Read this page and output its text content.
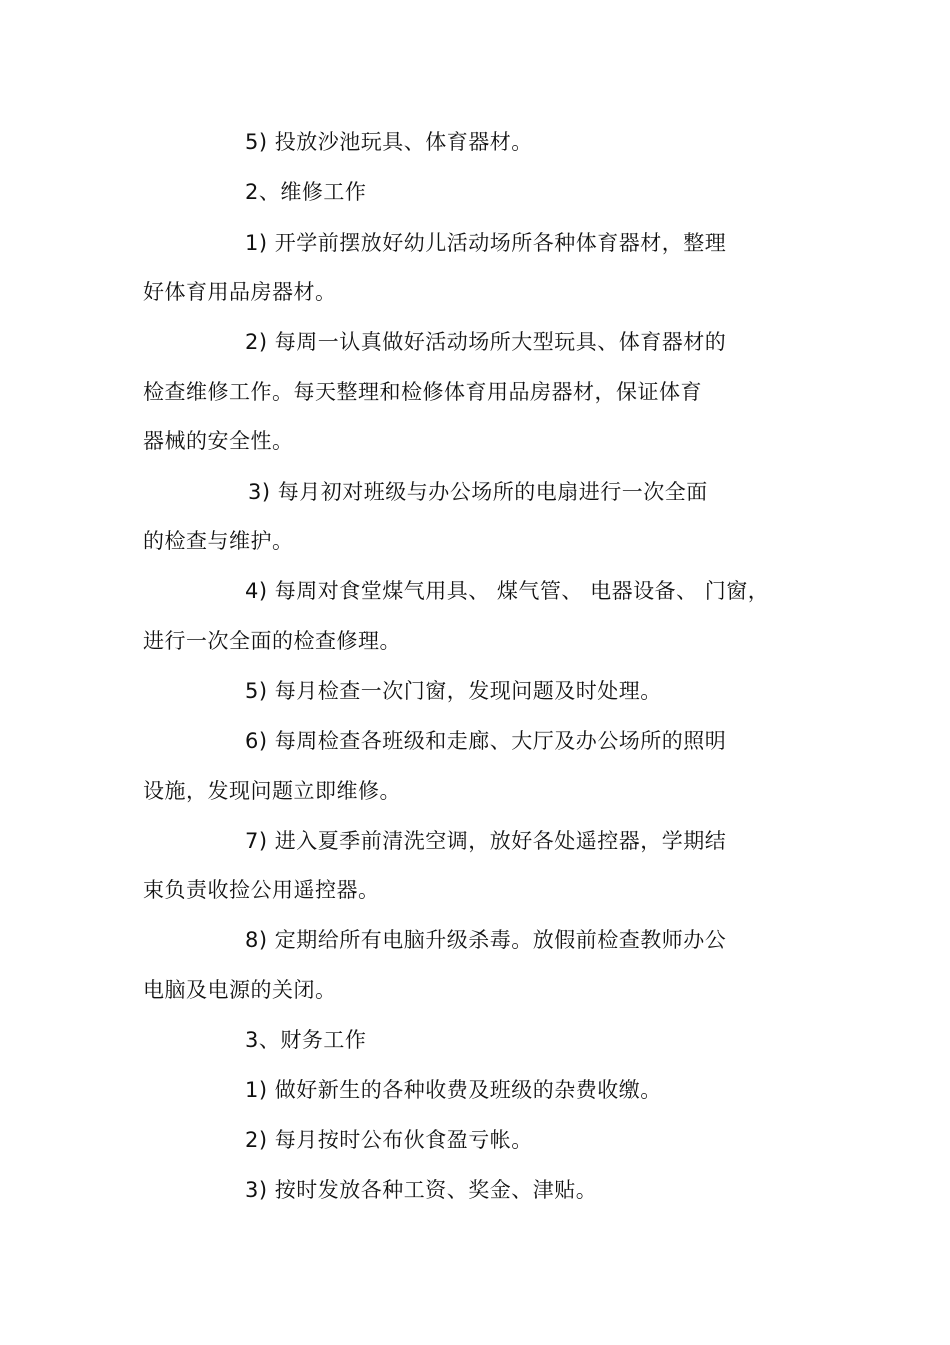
5) 投放沙池玩具、体育器材。
2、维修工作
1) 开学前摆放好幼儿活动场所各种体育器材，整理
好体育用品房器材。
2) 每周一认真做好活动场所大型玩具、体育器材的
检查维修工作。每天整理和检修体育用品房器材，保证体育
器械的安全性。
3) 每月初对班级与办公场所的电扇进行一次全面
的检查与维护。
4) 每周对食堂煤气用具、 煤气管、 电器设备、 门窗，
进行一次全面的检查修理。
5) 每月检查一次门窗，发现问题及时处理。
6) 每周检查各班级和走廊、大厅及办公场所的照明
设施，发现问题立即维修。
7) 进入夏季前清洗空调，放好各处遥控器，学期结
束负责收捡公用遥控器。
8) 定期给所有电脑升级杀毒。放假前检查教师办公
电脑及电源的关闭。
3、财务工作
1) 做好新生的各种收费及班级的杂费收缴。
2) 每月按时公布伙食盈亏帐。
3) 按时发放各种工资、奖金、津贴。
